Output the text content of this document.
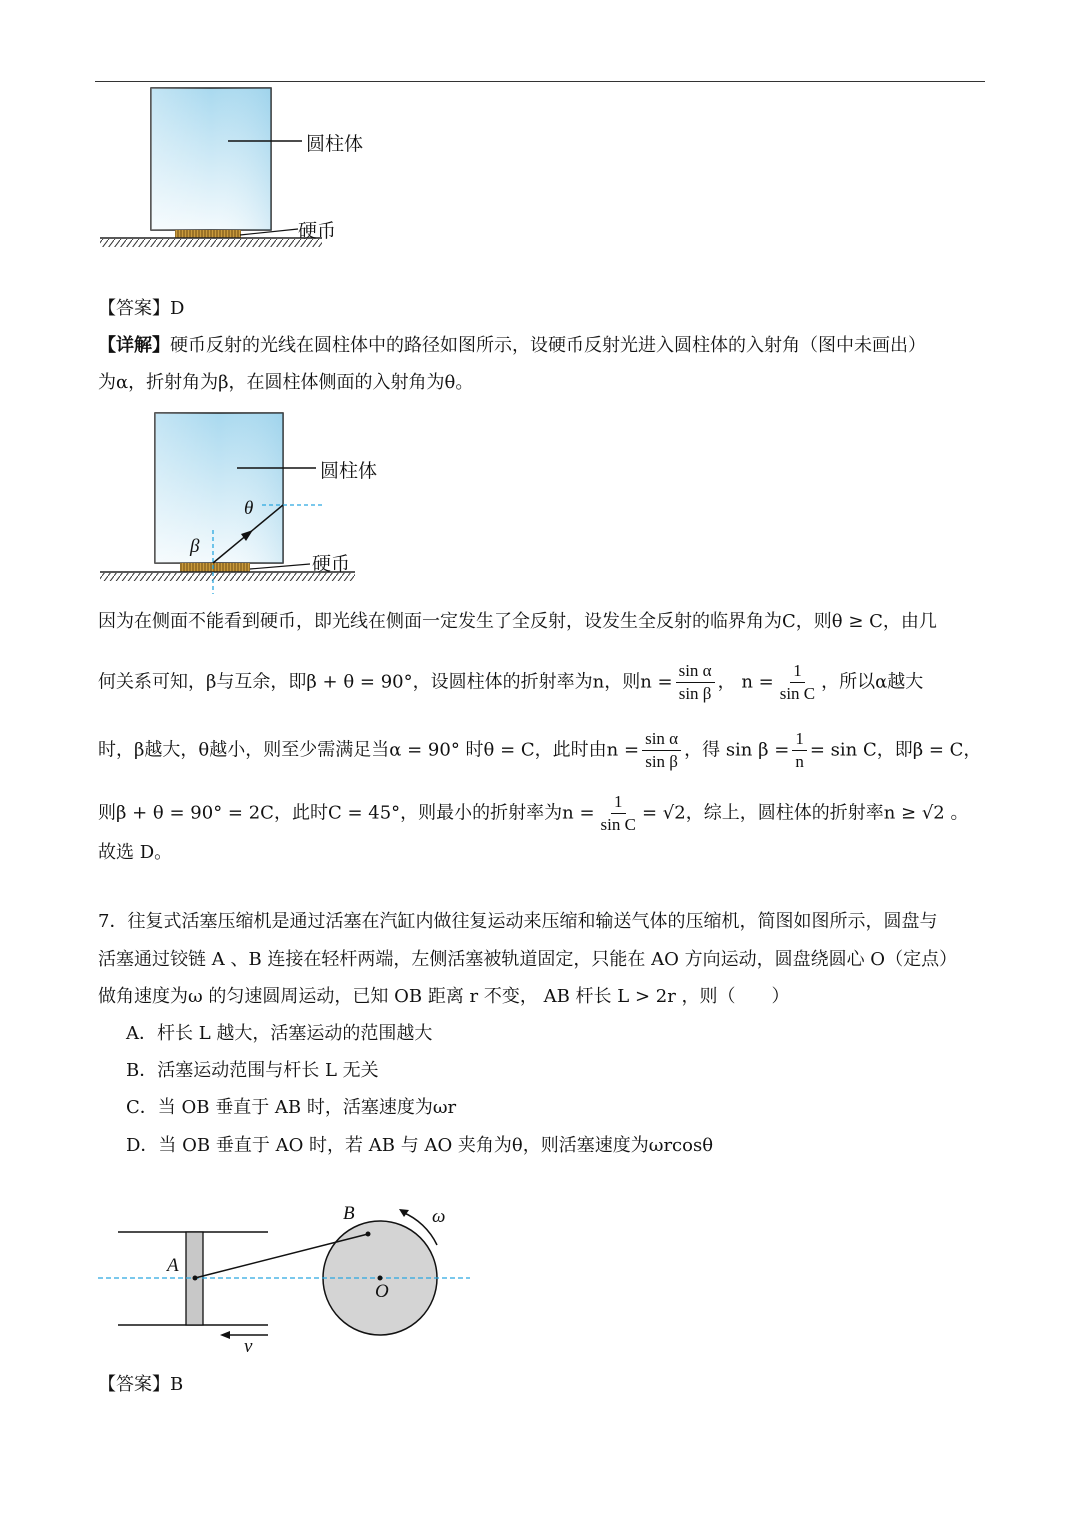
圆柱体
硬币
【答案】D
【详解】硬币反射的光线在圆柱体中的路径如图所示，设硬币反射光进入圆柱体的入射角（图中未画出）
为α，折射角为β，在圆柱体侧面的入射角为θ。
圆柱体
硬币
θ
β
因为在侧面不能看到硬币，即光线在侧面一定发生了全反射，设发生全反射的临界角为C，则θ ≥ C，由几
何关系可知，β与互余，即β + θ = 90°，设圆柱体的折射率为n，则$n = \frac{\text{sin α}}{\text{sin β}}$ ， $n = \frac{1}{\text{sin C}}$ ，所以α越大
时，β越大，θ越小，则至少需满足当α = 90° 时θ = C，此时由$n = \frac{\text{sin α}}{\text{sin β}}$ ，得 $\sin \beta = \frac{1}{n} = \sin C$，即β = C，
则β + θ = 90° = 2C，此时C = 45°，则最小的折射率为$n = \frac{1}{\text{sin C}} = √2$，综上，圆柱体的折射率n ≥ √2 。
故选 D。
7．往复式活塞压缩机是通过活塞在汽缸内做往复运动来压缩和输送气体的压缩机，简图如图所示，圆盘与
活塞通过铰链 A 、B 连接在轻杆两端，左侧活塞被轨道固定，只能在 AO 方向运动，圆盘绕圆心 O（定点）
做角速度为ω 的匀速圆周运动，已知 OB 距离 r 不变， AB 杆长 L > 2r ，则（　　）
A．杆长 L 越大，活塞运动的范围越大
B．活塞运动范围与杆长 L 无关
C．当 OB 垂直于 AB 时，活塞速度为ωr
D．当 OB 垂直于 AO 时，若 AB 与 AO 夹角为θ，则活塞速度为ωrcosθ
B	ω
A
O
v
【答案】B
